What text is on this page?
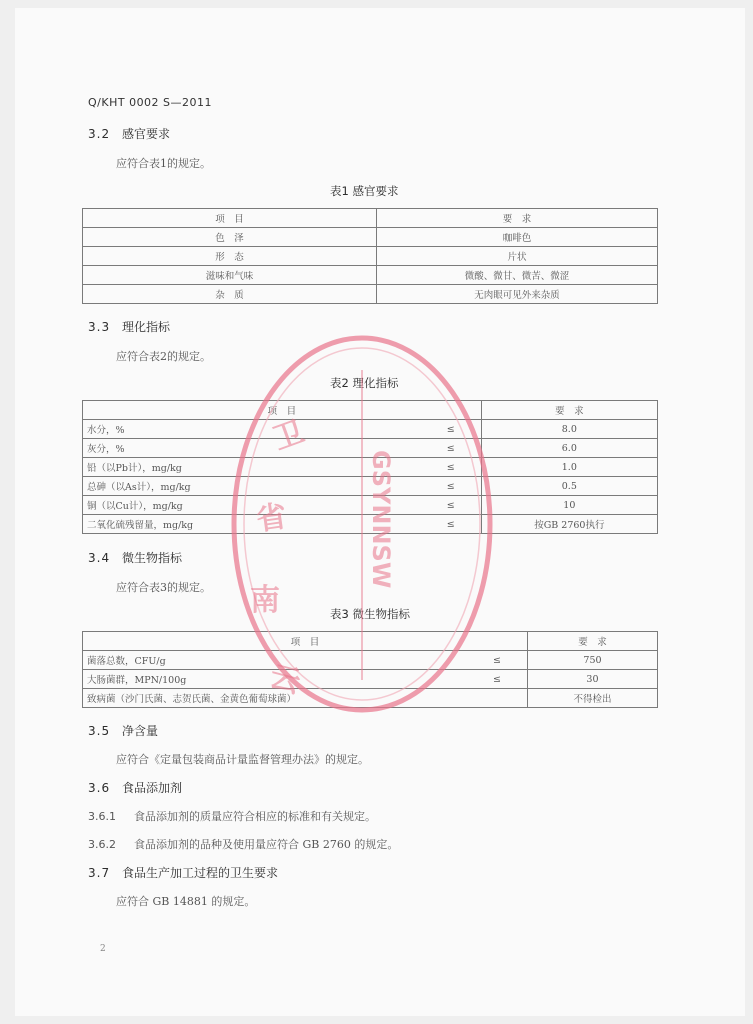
Q/KHT 0002 S—2011
3.2 感官要求
应符合表1的规定。
表1 感官要求
项　目	要　求
色　泽	咖啡色
形　态	片状
滋味和气味	微酸、微甘、微苦、微涩
杂　质	无肉眼可见外来杂质
3.3 理化指标
应符合表2的规定。
表2 理化指标
项　目		要　求
水分，%	≤	8.0
灰分，%	≤	6.0
铅（以Pb计），mg/kg	≤	1.0
总砷（以As计），mg/kg	≤	0.5
铜（以Cu计），mg/kg	≤	10
二氧化硫残留量，mg/kg	≤	按GB 2760执行
3.4 微生物指标
应符合表3的规定。
表3 微生物指标
项　目		要　求
菌落总数，CFU/g	≤	750
大肠菌群，MPN/100g	≤	30
致病菌（沙门氏菌、志贺氏菌、金黄色葡萄球菌）		不得检出
3.5 净含量
应符合《定量包装商品计量监督管理办法》的规定。
3.6 食品添加剂
3.6.1 食品添加剂的质量应符合相应的标准和有关规定。
3.6.2 食品添加剂的品种及使用量应符合 GB 2760 的规定。
3.7 食品生产加工过程的卫生要求
应符合 GB 14881 的规定。
2
卫
省
南
云
GSYNNSW
